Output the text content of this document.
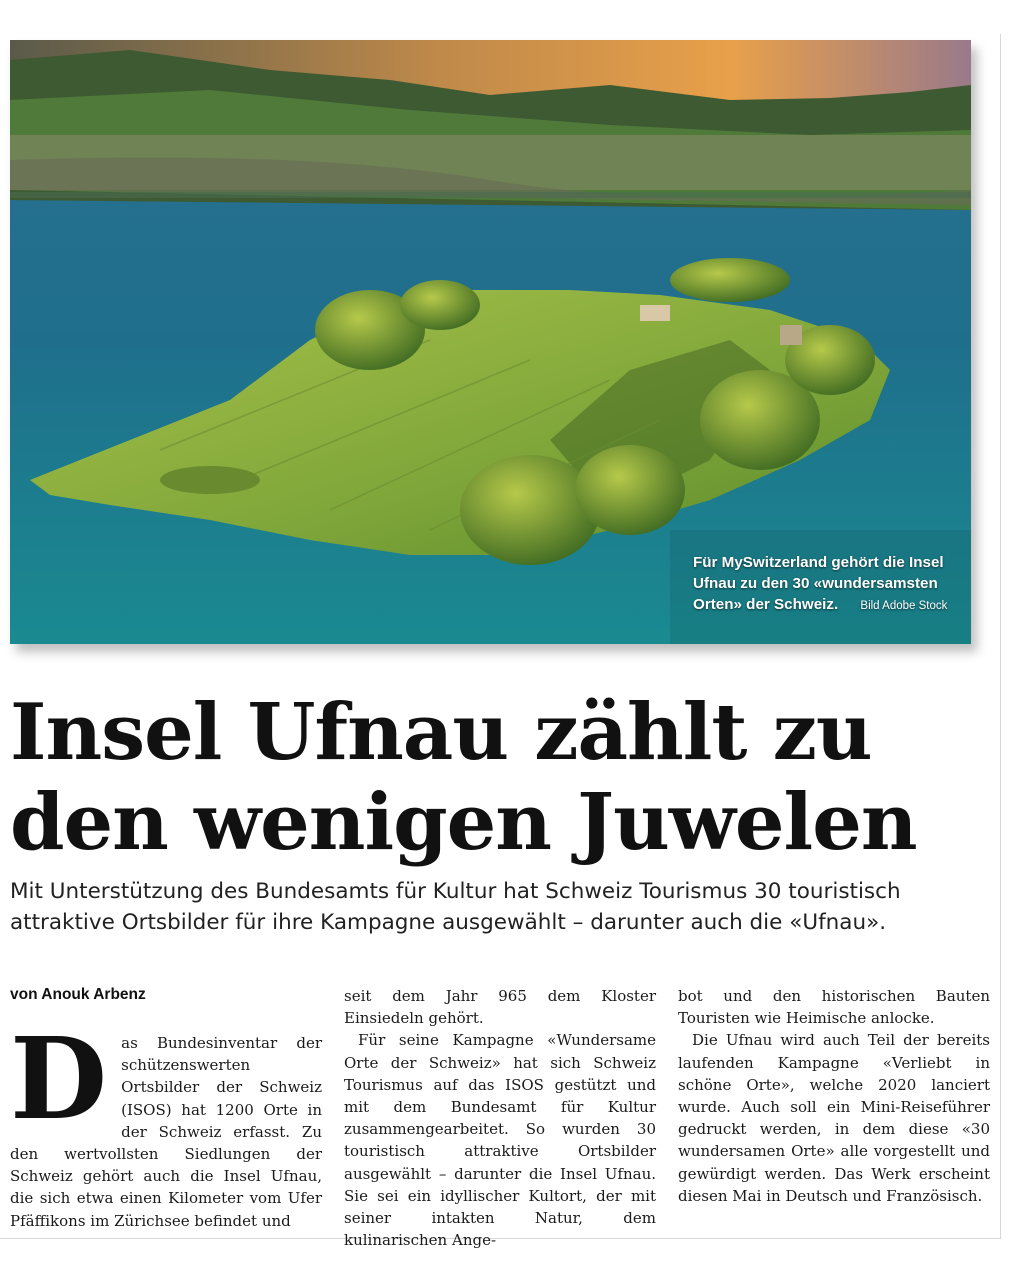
Für MySwitzerland gehört die Insel Ufnau zu den 30 «wundersamsten Orten» der Schweiz. Bild Adobe Stock
Insel Ufnau zählt zu den wenigen Juwelen

Mit Unterstützung des Bundesamts für Kultur hat Schweiz Tourismus 30 touristisch attraktive Ortsbilder für ihre Kampagne ausgewählt – darunter auch die «Ufnau».

von Anouk Arbenz

Das Bundesinventar der schützenswerten Ortsbilder der Schweiz (ISOS) hat 1200 Orte in der Schweiz erfasst. Zu den wertvollsten Siedlungen der Schweiz gehört auch die Insel Ufnau, die sich etwa einen Kilometer vom Ufer Pfäffikons im Zürichsee befindet und

seit dem Jahr 965 dem Kloster Einsiedeln gehört.

Für seine Kampagne «Wundersame Orte der Schweiz» hat sich Schweiz Tourismus auf das ISOS gestützt und mit dem Bundesamt für Kultur zusammengearbeitet. So wurden 30 touristisch attraktive Ortsbilder ausgewählt – darunter die Insel Ufnau. Sie sei ein idyllischer Kultort, der mit seiner intakten Natur, dem kulinarischen Ange-

bot und den historischen Bauten Touristen wie Heimische anlocke.

Die Ufnau wird auch Teil der bereits laufenden Kampagne «Verliebt in schöne Orte», welche 2020 lanciert wurde. Auch soll ein Mini-Reiseführer gedruckt werden, in dem diese «30 wundersamen Orte» alle vorgestellt und gewürdigt werden. Das Werk erscheint diesen Mai in Deutsch und Französisch.
